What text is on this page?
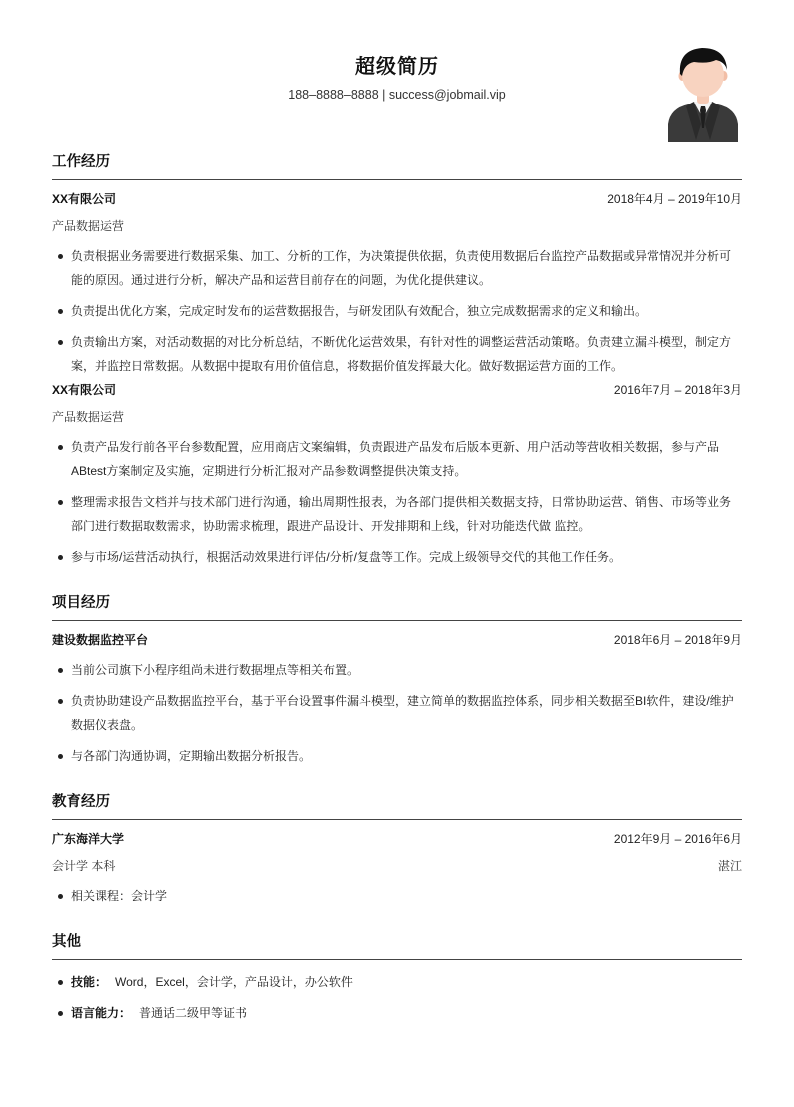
超级简历
188–8888–8888 | success@jobmail.vip
工作经历
XX有限公司	2018年4月 – 2019年10月
产品数据运营
负责根据业务需要进行数据采集、加工、分析的工作，为决策提供依据，负责使用数据后台监控产品数据或异常情况并分析可能的原因。通过进行分析，解决产品和运营目前存在的问题，为优化提供建议。
负责提出优化方案，完成定时发布的运营数据报告，与研发团队有效配合，独立完成数据需求的定义和输出。
负责输出方案，对活动数据的对比分析总结，不断优化运营效果，有针对性的调整运营活动策略。负责建立漏斗模型，制定方案，并监控日常数据。从数据中提取有用价值信息，将数据价值发挥最大化。做好数据运营方面的工作。
XX有限公司	2016年7月 – 2018年3月
产品数据运营
负责产品发行前各平台参数配置，应用商店文案编辑，负责跟进产品发布后版本更新、用户活动等营收相关数据，参与产品ABtest方案制定及实施，定期进行分析汇报对产品参数调整提供决策支持。
整理需求报告文档并与技术部门进行沟通，输出周期性报表，为各部门提供相关数据支持，日常协助运营、销售、市场等业务部门进行数据取数需求，协助需求梳理，跟进产品设计、开发排期和上线，针对功能迭代做 监控。
参与市场/运营活动执行，根据活动效果进行评估/分析/复盘等工作。完成上级领导交代的其他工作任务。
项目经历
建设数据监控平台	2018年6月 – 2018年9月
当前公司旗下小程序组尚未进行数据埋点等相关布置。
负责协助建设产品数据监控平台，基于平台设置事件漏斗模型，建立简单的数据监控体系，同步相关数据至BI软件，建设/维护数据仪表盘。
与各部门沟通协调，定期输出数据分析报告。
教育经历
广东海洋大学	2012年9月 – 2016年6月
会计学 本科	湛江
相关课程：会计学
其他
技能： Word，Excel，会计学，产品设计，办公软件
语言能力： 普通话二级甲等证书
